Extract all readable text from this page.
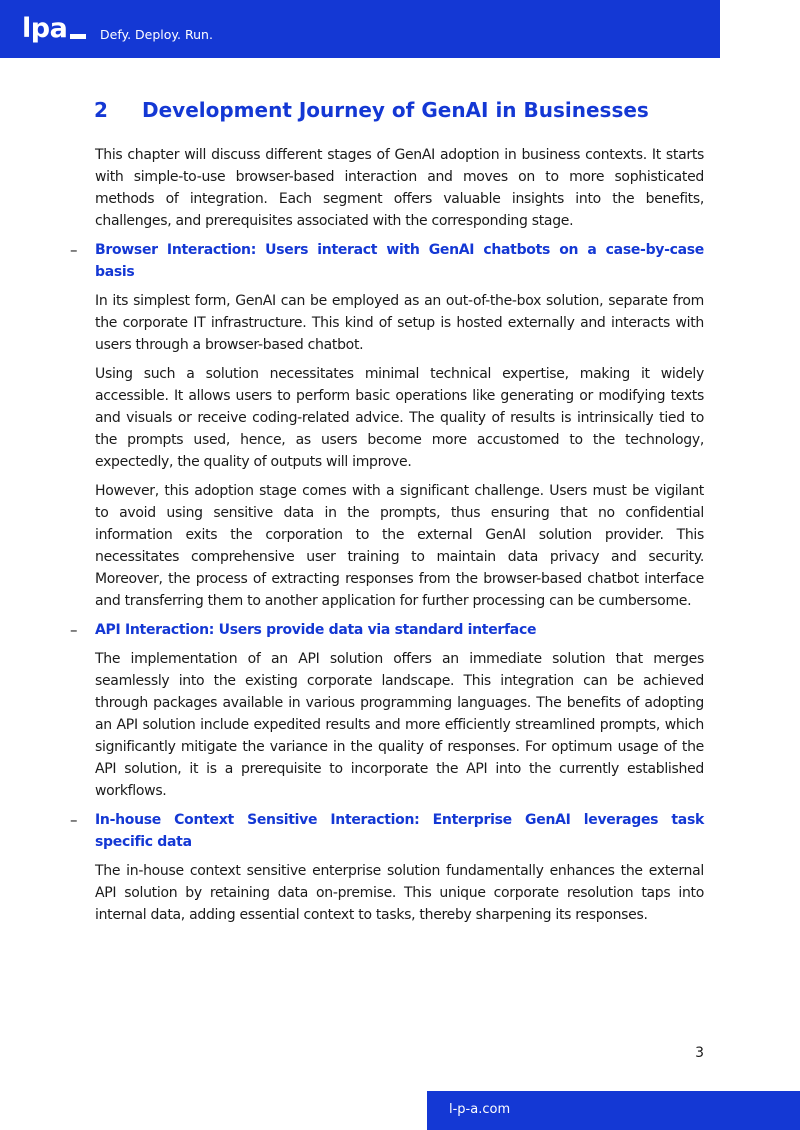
lpa	Defy. Deploy. Run.
2 Development Journey of GenAI in Businesses

This chapter will discuss different stages of GenAI adoption in business contexts. It starts with simple-to-use browser-based interaction and moves on to more sophisticated methods of integration. Each segment offers valuable insights into the benefits, challenges, and prerequisites associated with the corresponding stage.

– Browser Interaction: Users interact with GenAI chatbots on a case-by-case basis

In its simplest form, GenAI can be employed as an out-of-the-box solution, separate from the corporate IT infrastructure. This kind of setup is hosted externally and interacts with users through a browser-based chatbot.

Using such a solution necessitates minimal technical expertise, making it widely accessible. It allows users to perform basic operations like generating or modifying texts and visuals or receive coding-related advice. The quality of results is intrinsically tied to the prompts used, hence, as users become more accustomed to the technology, expectedly, the quality of outputs will improve.

However, this adoption stage comes with a significant challenge. Users must be vigilant to avoid using sensitive data in the prompts, thus ensuring that no confidential information exits the corporation to the external GenAI solution provider. This necessitates comprehensive user training to maintain data privacy and security. Moreover, the process of extracting responses from the browser-based chatbot interface and transferring them to another application for further processing can be cumbersome.

– API Interaction: Users provide data via standard interface

The implementation of an API solution offers an immediate solution that merges seamlessly into the existing corporate landscape. This integration can be achieved through packages available in various programming languages. The benefits of adopting an API solution include expedited results and more efficiently streamlined prompts, which significantly mitigate the variance in the quality of responses. For optimum usage of the API solution, it is a prerequisite to incorporate the API into the currently established workflows.

– In-house Context Sensitive Interaction: Enterprise GenAI leverages task specific data

The in-house context sensitive enterprise solution fundamentally enhances the external API solution by retaining data on-premise. This unique corporate resolution taps into internal data, adding essential context to tasks, thereby sharpening its responses.

3
l-p-a.com
